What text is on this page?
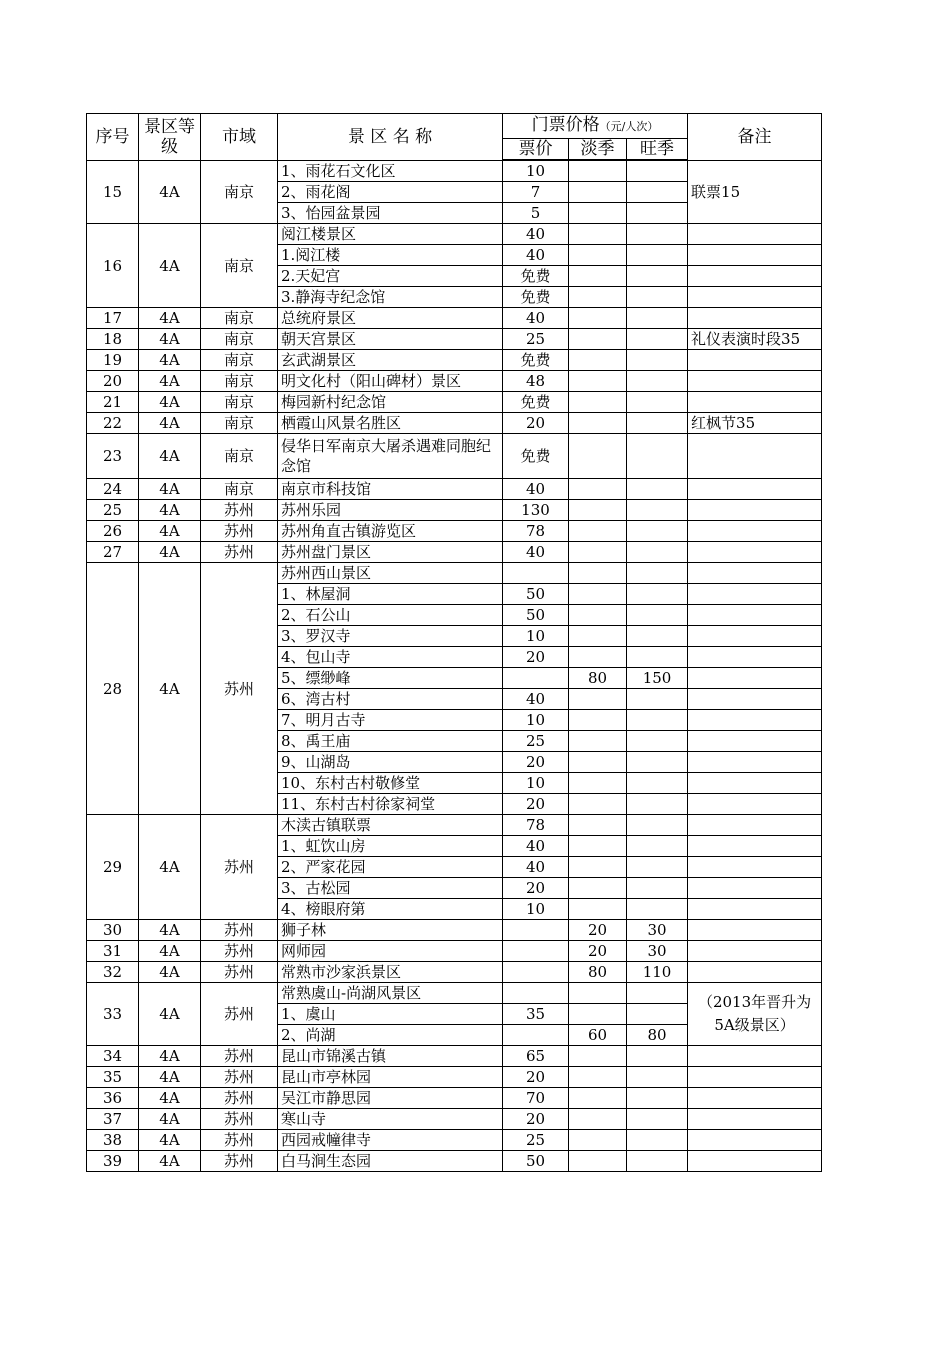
序号	景区等级	市域	景 区 名 称	门票价格（元/人次）			备注
				票价	淡季	旺季	
15	4A	南京	1、雨花石文化区	10			联票15
			2、雨花阁	7			
			3、怡园盆景园	5			
16	4A	南京	阅江楼景区	40			
			1.阅江楼	40			
			2.天妃宫	免费			
			3.静海寺纪念馆	免费			
17	4A	南京	总统府景区	40			
18	4A	南京	朝天宫景区	25			礼仪表演时段35
19	4A	南京	玄武湖景区	免费			
20	4A	南京	明文化村（阳山碑材）景区	48			
21	4A	南京	梅园新村纪念馆	免费			
22	4A	南京	栖霞山风景名胜区	20			红枫节35
23	4A	南京	侵华日军南京大屠杀遇难同胞纪念馆	免费			
24	4A	南京	南京市科技馆	40			
25	4A	苏州	苏州乐园	130			
26	4A	苏州	苏州角直古镇游览区	78			
27	4A	苏州	苏州盘门景区	40			
28	4A	苏州	苏州西山景区				
			1、林屋洞	50			
			2、石公山	50			
			3、罗汉寺	10			
			4、包山寺	20			
			5、缥缈峰		80	150	
			6、湾古村	40			
			7、明月古寺	10			
			8、禹王庙	25			
			9、山湖岛	20			
			10、东村古村敬修堂	10			
			11、东村古村徐家祠堂	20			
29	4A	苏州	木渎古镇联票	78			
			1、虹饮山房	40			
			2、严家花园	40			
			3、古松园	20			
			4、榜眼府第	10			
30	4A	苏州	狮子林		20	30	
31	4A	苏州	网师园		20	30	
32	4A	苏州	常熟市沙家浜景区		80	110	
33	4A	苏州	常熟虞山-尚湖风景区				（2013年晋升为5A级景区）
			1、虞山	35			
			2、尚湖		60	80	
34	4A	苏州	昆山市锦溪古镇	65			
35	4A	苏州	昆山市亭林园	20			
36	4A	苏州	吴江市静思园	70			
37	4A	苏州	寒山寺	20			
38	4A	苏州	西园戒幢律寺	25			
39	4A	苏州	白马涧生态园	50			
